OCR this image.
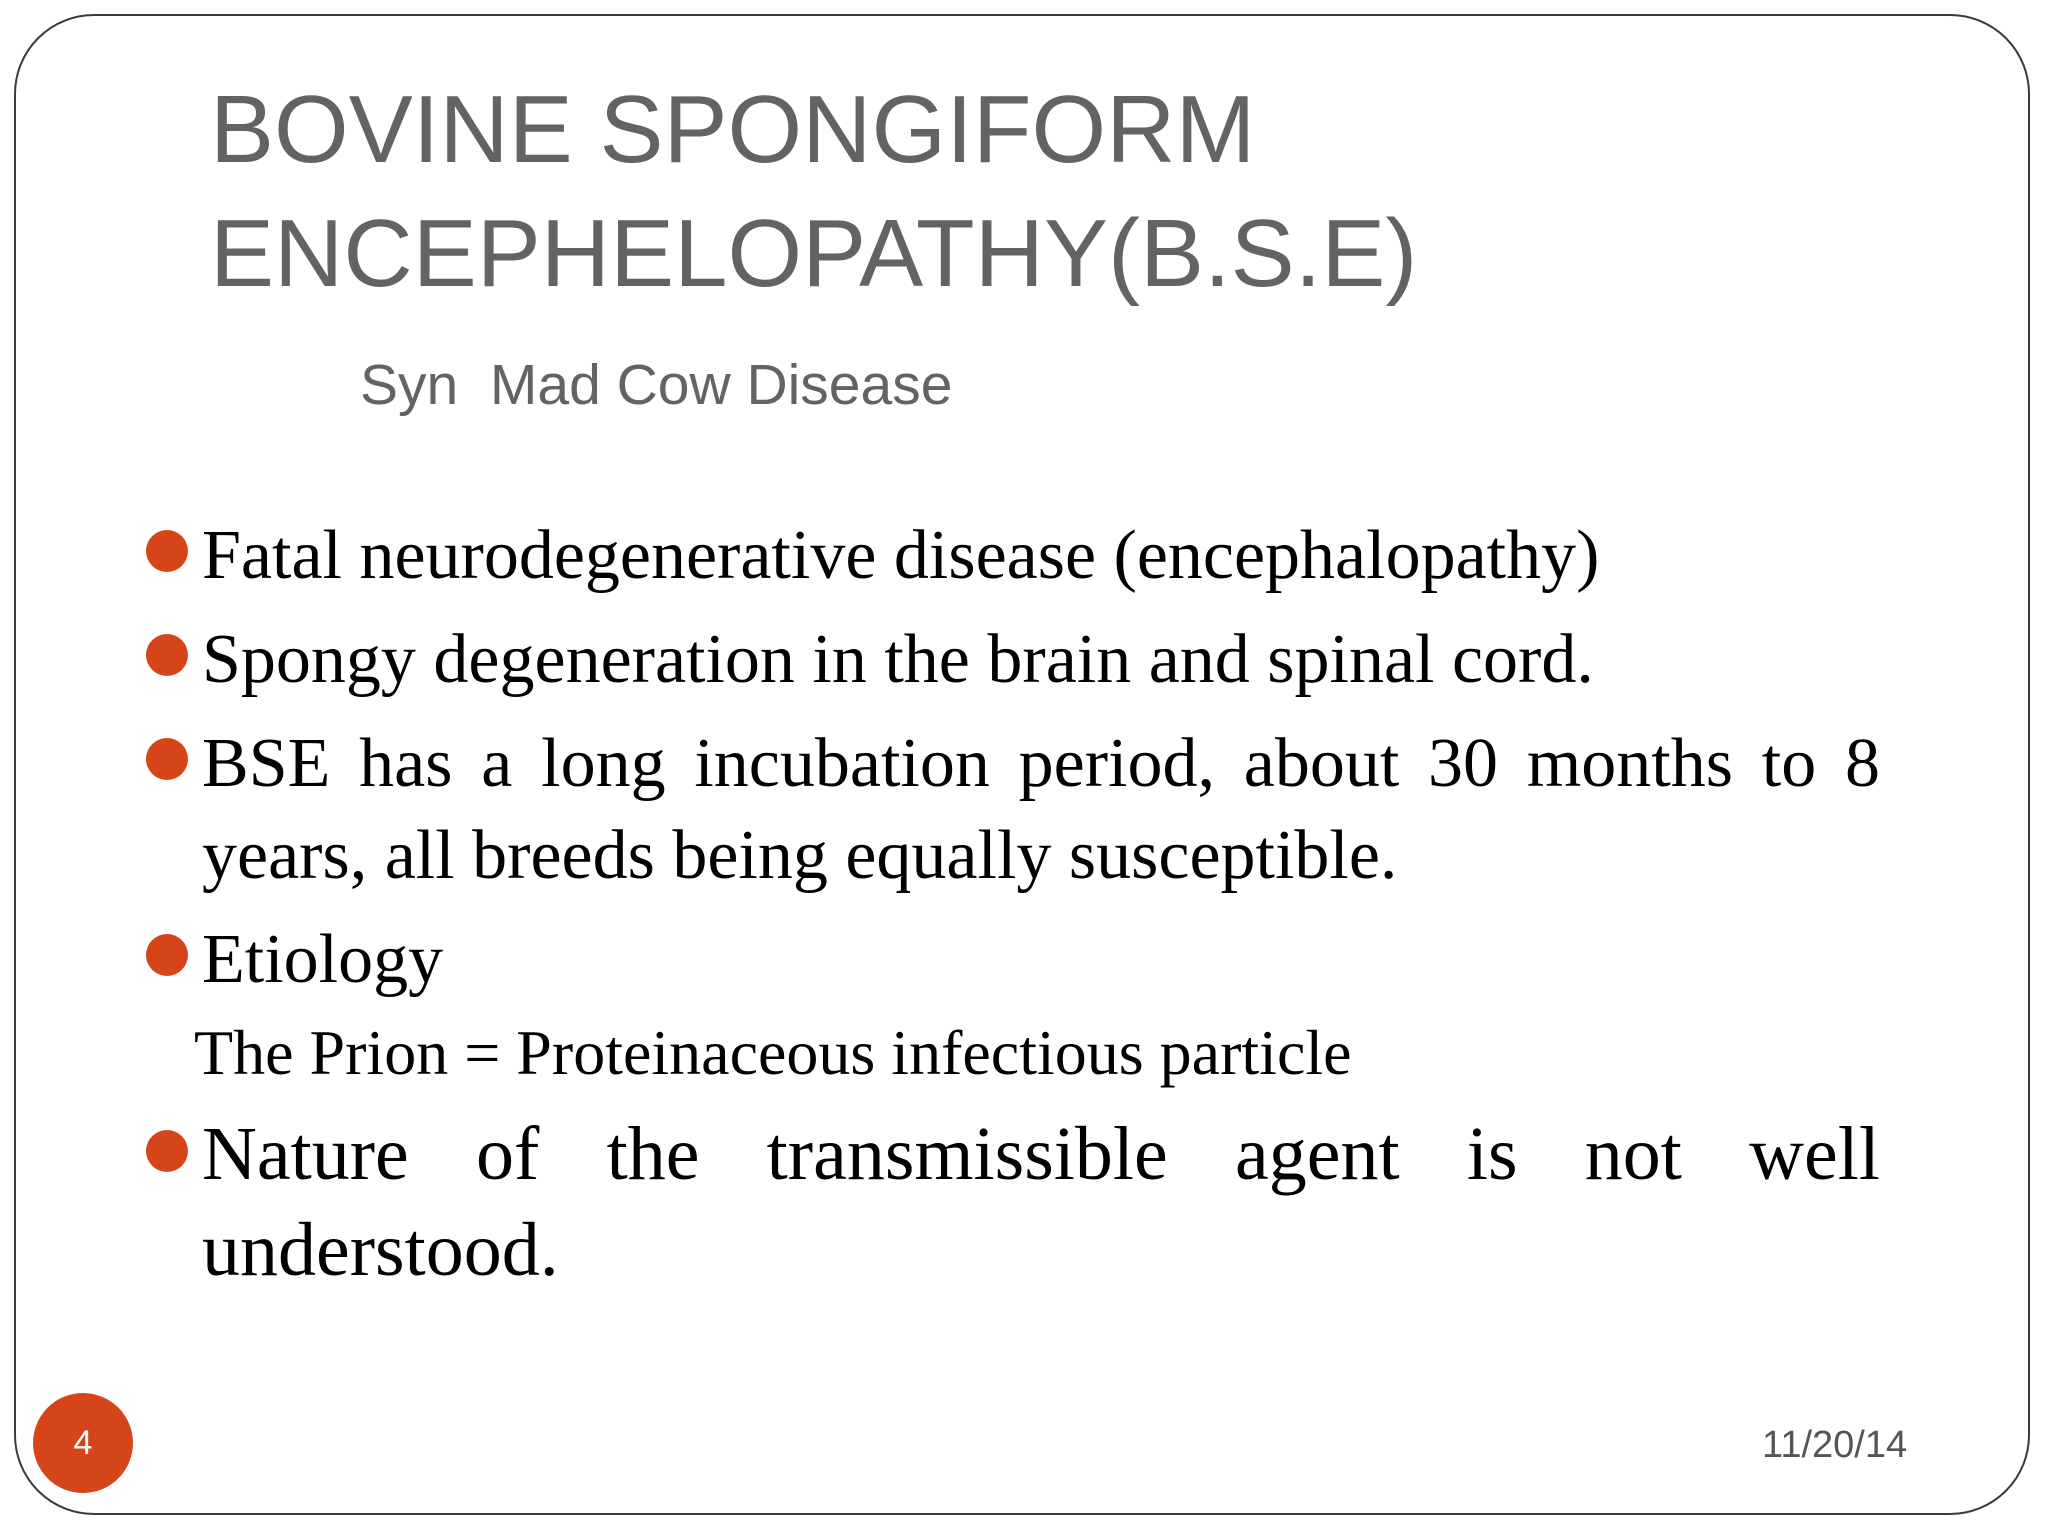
BOVINE SPONGIFORM
ENCEPHELOPATHY(B.S.E)
Syn  Mad Cow Disease
Fatal neurodegenerative disease (encephalopathy)
Spongy degeneration in the brain and spinal cord.
BSE has a long incubation period, about 30 months to 8
years, all breeds being equally susceptible.
Etiology
The Prion = Proteinaceous infectious particle
Nature of the transmissible agent is not well
understood.
4	11/20/14
